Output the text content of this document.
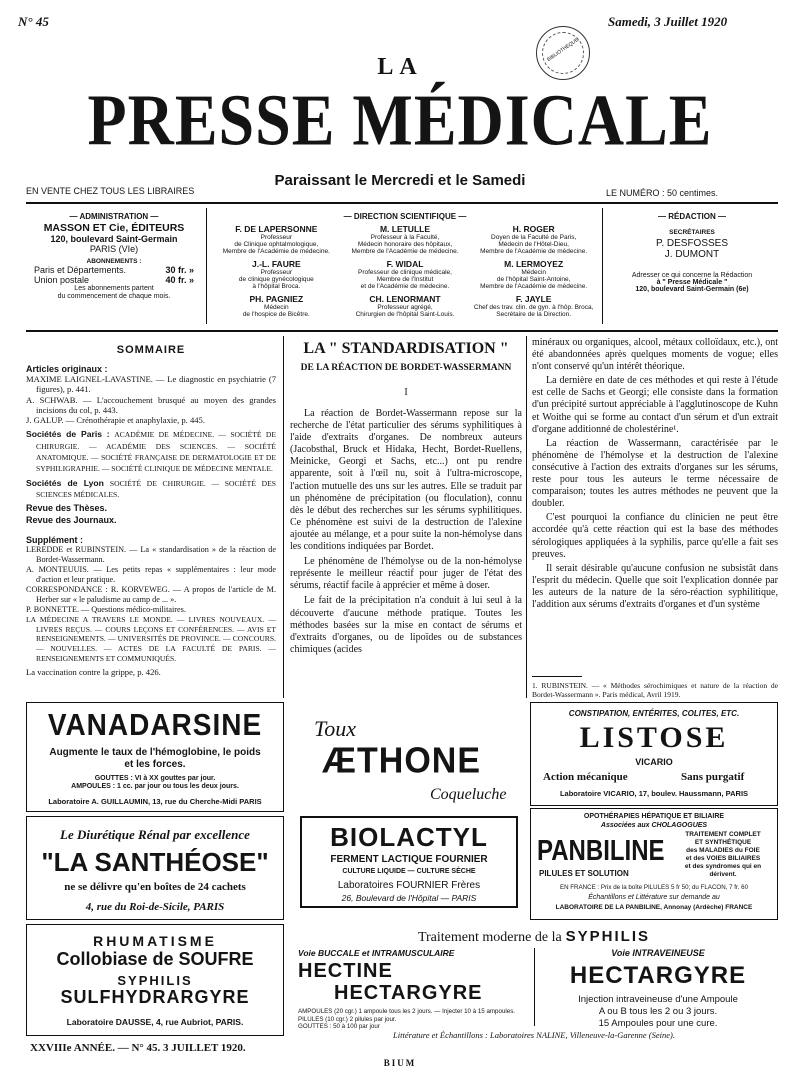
N° 45	Samedi, 3 Juillet 1920
BIBLIOTHÈQUE
LA
PRESSE MÉDICALE
Paraissant le Mercredi et le Samedi
EN VENTE CHEZ TOUS LES LIBRAIRES	LE NUMÉRO : 50 centimes.
— ADMINISTRATION —
MASSON ET Cie, ÉDITEURS
120, boulevard Saint-Germain
PARIS (VIe)
ABONNEMENTS :
Paris et Départements.	30 fr. »
Union postale	40 fr. »
Les abonnements partent
du commencement de chaque mois.
— DIRECTION SCIENTIFIQUE —
F. DE LAPERSONNE
Professeur
de Clinique ophtalmologique,
Membre de l'Académie de médecine.
M. LETULLE
Professeur à la Faculté,
Médecin honoraire des hôpitaux,
Membre de l'Académie de médecine.
H. ROGER
Doyen de la Faculté de Paris,
Médecin de l'Hôtel-Dieu,
Membre de l'Académie de médecine.
J.-L. FAURE
Professeur
de clinique gynécologique
à l'hôpital Broca.
F. WIDAL
Professeur de clinique médicale,
Membre de l'Institut
et de l'Académie de médecine.
M. LERMOYEZ
Médecin
de l'hôpital Saint-Antoine,
Membre de l'Académie de médecine.
PH. PAGNIEZ
Médecin
de l'hospice de Bicêtre.
CH. LENORMANT
Professeur agrégé,
Chirurgien de l'hôpital Saint-Louis.
F. JAYLE
Chef des trav. clin. de gyn. à l'hôp. Broca,
Secrétaire de la Direction.
— RÉDACTION —
SECRÉTAIRES
P. DESFOSSES
J. DUMONT
Adresser ce qui concerne la Rédaction
à " Presse Médicale "
120, boulevard Saint-Germain (6e)
SOMMAIRE
Articles originaux :
MAXIME LAIGNEL-LAVASTINE. — Le diagnostic en psychiatrie (7 figures), p. 441.
A. SCHWAB. — L'accouchement brusqué au moyen des grandes incisions du col, p. 443.
J. GALUP. — Crénothérapie et anaphylaxie, p. 445.
Sociétés de Paris : ACADÉMIE DE MÉDECINE. — SOCIÉTÉ DE CHIRURGIE. — ACADÉMIE DES SCIENCES. — SOCIÉTÉ ANATOMIQUE. — SOCIÉTÉ FRANÇAISE DE DERMATOLOGIE ET DE SYPHILIGRAPHIE. — SOCIÉTÉ CLINIQUE DE MÉDECINE MENTALE.
Sociétés de Lyon SOCIÉTÉ DE CHIRURGIE. — SOCIÉTÉ DES SCIENCES MÉDICALES.
Revue des Thèses.
Revue des Journaux.
Supplément :
LEREDDE et RUBINSTEIN. — La « standardisation » de la réaction de Bordet-Wassermann.
A. MONTEUUIS. — Les petits repas « supplémentaires : leur mode d'action et leur pratique.
CORRESPONDANCE : R. KORVEWEG. — A propos de l'article de M. Herber sur « le paludisme au camp de ... ».
P. BONNETTE. — Questions médico-militaires.
LA MÉDECINE A TRAVERS LE MONDE. — LIVRES NOUVEAUX. — LIVRES REÇUS. — COURS LEÇONS ET CONFÉRENCES. — AVIS ET RENSEIGNEMENTS. — UNIVERSITÉS DE PROVINCE. — CONCOURS. — NOUVELLES. — ACTES DE LA FACULTÉ DE PARIS. — RENSEIGNEMENTS ET COMMUNIQUÉS.
La vaccination contre la grippe, p. 426.
LA " STANDARDISATION "
DE LA RÉACTION DE BORDET-WASSERMANN
I

La réaction de Bordet-Wassermann repose sur la recherche de l'état particulier des sérums syphilitiques à l'aide d'extraits d'organes. De nombreux auteurs (Jacobsthal, Bruck et Hidaka, Hecht, Bordet-Ruellens, Meinicke, Georgi et Sachs, etc...) ont pu rendre apparente, soit à l'œil nu, soit à l'ultra-microscope, l'action mutuelle des uns sur les autres. Elle se traduit par un phénomène de précipitation (ou floculation), connu dès le début des recherches sur les sérums syphilitiques. Ce phénomène est suivi de la destruction de l'alexine ajoutée au mélange, et a pour suite la non-hémolyse dans les conditions indiquées par Bordet.

Le phénomène de l'hémolyse ou de la non-hémolyse représente le meilleur réactif pour juger de l'état des sérums, réactif facile à apprécier et même à doser.

Le fait de la précipitation n'a conduit à lui seul à la découverte d'aucune méthode pratique. Toutes les méthodes basées sur la mise en contact de sérums et d'extraits d'organes, ou de lipoïdes ou de substances chimiques (acides

minéraux ou organiques, alcool, métaux colloïdaux, etc.), ont été abandonnées après quelques moments de vogue; elles n'ont conservé qu'un intérêt théorique.

La dernière en date de ces méthodes et qui reste à l'étude est celle de Sachs et Georgi; elle consiste dans la formation d'un précipité surtout appréciable à l'agglutinoscope de Kuhn et Woithe qui se forme au contact d'un sérum et d'un extrait d'organe additionné de cholestérine¹.

La réaction de Wassermann, caractérisée par le phénomène de l'hémolyse et la destruction de l'alexine consécutive à l'action des extraits d'organes sur les sérums, reste pour tous les auteurs le terme nécessaire de comparaison; toutes les autres méthodes ne peuvent que la doubler.

C'est pourquoi la confiance du clinicien ne peut être accordée qu'à cette réaction qui est la base des méthodes sérologiques appliquées à la syphilis, parce qu'elle a fait ses preuves.

Il serait désirable qu'aucune confusion ne subsistât dans l'esprit du médecin. Quelle que soit l'explication donnée par les auteurs de la nature de la séro-réaction syphilitique, l'addition aux sérums d'extraits d'organes et d'un système

1. RUBINSTEIN. — « Méthodes sérochimiques et nature de la réaction de Bordet-Wassermann ». Paris médical, Avril 1919.
VANADARSINE
Augmente le taux de l'hémoglobine, le poids
et les forces.
GOUTTES : VI à XX gouttes par jour.
AMPOULES : 1 cc. par jour ou tous les deux jours.
Laboratoire A. GUILLAUMIN, 13, rue du Cherche-Midi PARIS
Le Diurétique Rénal par excellence
"LA SANTHÉOSE"
ne se délivre qu'en boîtes de 24 cachets
4, rue du Roi-de-Sicile, PARIS
RHUMATISME
Collobiase de SOUFRE
SYPHILIS
SULFHYDRARGYRE
Laboratoire DAUSSE, 4, rue Aubriot, PARIS.
Toux
ÆTHONE
Coqueluche
BIOLACTYL
FERMENT LACTIQUE FOURNIER
CULTURE LIQUIDE — CULTURE SÈCHE
Laboratoires FOURNIER Frères
26, Boulevard de l'Hôpital — PARIS
CONSTIPATION, ENTÉRITES, COLITES, ETC.
LISTOSE
VICARIO
Action mécanique	Sans purgatif
Laboratoire VICARIO, 17, boulev. Haussmann, PARIS
OPOTHÉRAPIES HÉPATIQUE ET BILIAIRE
Associées aux CHOLAGOGUES
PANBILINE
PILULES ET SOLUTION
TRAITEMENT COMPLET
ET SYNTHÉTIQUE
des MALADIES du FOIE
et des VOIES BILIAIRES
et des syndromes qui en
dérivent.
EN FRANCE : Prix de la boîte PILULES 5 fr 50; du FLACON, 7 fr. 60
Échantillons et Littérature sur demande au
LABORATOIRE DE LA PANBILINE, Annonay (Ardèche) FRANCE
Traitement moderne de la SYPHILIS
Voie BUCCALE et INTRAMUSCULAIRE
HECTINE
HECTARGYRE
AMPOULES (20 cgr.) 1 ampoule tous les 2 jours. — Injecter 10 à 15 ampoules.
PILULES (10 cgr.) 2 pilules par jour.
GOUTTES : 50 à 100 par jour
Voie INTRAVEINEUSE
HECTARGYRE
Injection intraveineuse d'une Ampoule
A ou B tous les 2 ou 3 jours.
15 Ampoules pour une cure.
Littérature et Échantillons : Laboratoires NALINE, Villeneuve-la-Garenne (Seine).
XXVIIIe ANNÉE. — N° 45. 3 JUILLET 1920.
BIUM
